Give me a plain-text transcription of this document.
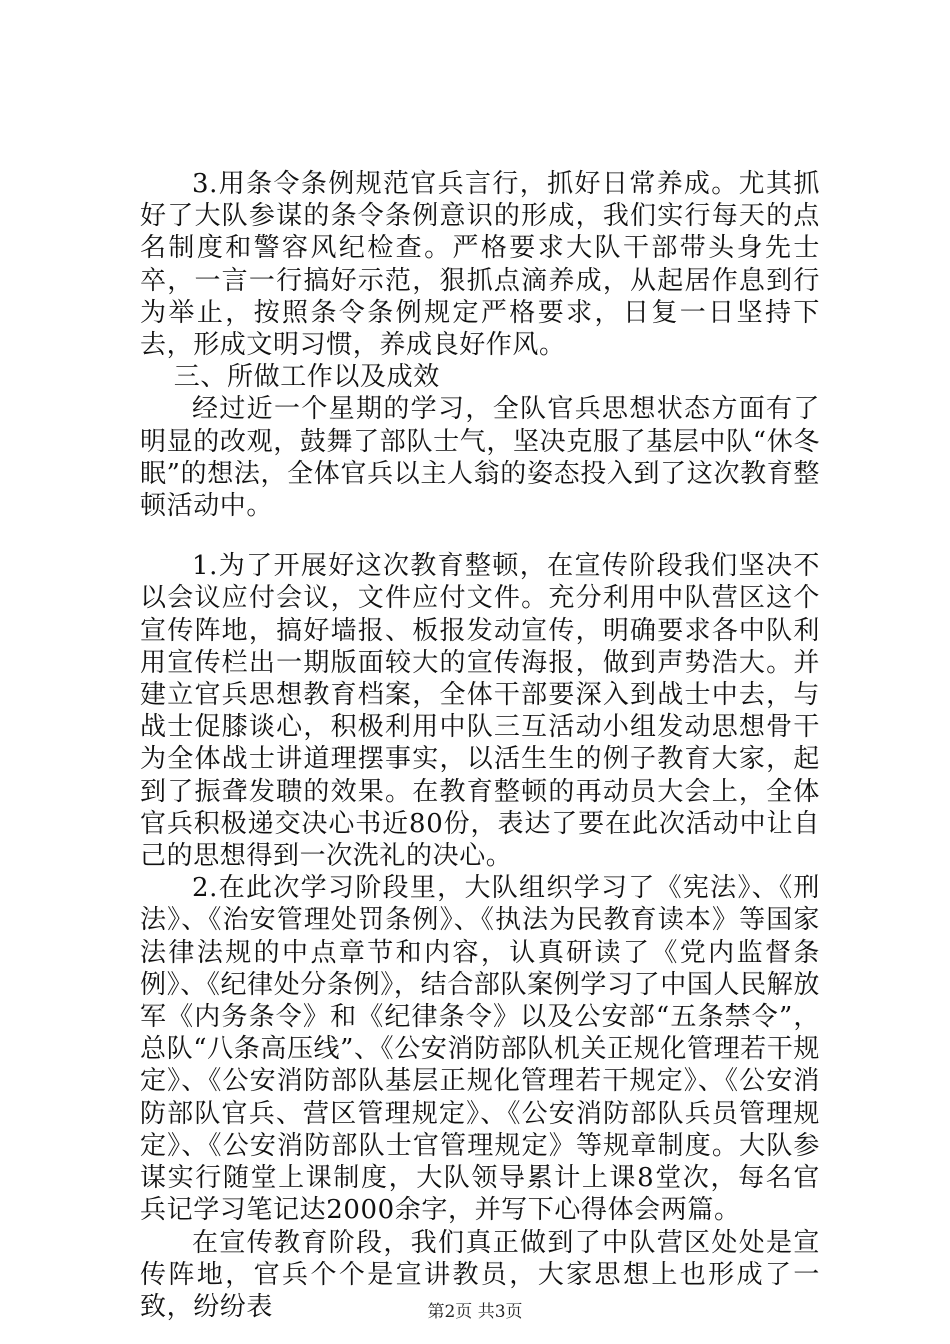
3.用条令条例规范官兵言行，抓好日常养成。尤其抓好了大队参谋的条令条例意识的形成，我们实行每天的点名制度和警容风纪检查。严格要求大队干部带头身先士卒，一言一行搞好示范，狠抓点滴养成，从起居作息到行为举止，按照条令条例规定严格要求，日复一日坚持下去，形成文明习惯，养成良好作风。

三、所做工作以及成效

经过近一个星期的学习，全队官兵思想状态方面有了明显的改观，鼓舞了部队士气，坚决克服了基层中队“休冬眠”的想法，全体官兵以主人翁的姿态投入到了这次教育整顿活动中。

1.为了开展好这次教育整顿，在宣传阶段我们坚决不以会议应付会议，文件应付文件。充分利用中队营区这个宣传阵地，搞好墙报、板报发动宣传，明确要求各中队利用宣传栏出一期版面较大的宣传海报，做到声势浩大。并建立官兵思想教育档案，全体干部要深入到战士中去，与战士促膝谈心，积极利用中队三互活动小组发动思想骨干为全体战士讲道理摆事实，以活生生的例子教育大家，起到了振聋发聩的效果。在教育整顿的再动员大会上，全体官兵积极递交决心书近80份，表达了要在此次活动中让自己的思想得到一次洗礼的决心。

2.在此次学习阶段里，大队组织学习了《宪法》、《刑法》、《治安管理处罚条例》、《执法为民教育读本》等国家法律法规的中点章节和内容，认真研读了《党内监督条例》、《纪律处分条例》，结合部队案例学习了中国人民解放军《内务条令》和《纪律条令》以及公安部“五条禁令”，总队“八条高压线”、《公安消防部队机关正规化管理若干规定》、《公安消防部队基层正规化管理若干规定》、《公安消防部队官兵、营区管理规定》、《公安消防部队兵员管理规定》、《公安消防部队士官管理规定》等规章制度。大队参谋实行随堂上课制度，大队领导累计上课8堂次，每名官兵记学习笔记达2000余字，并写下心得体会两篇。

在宣传教育阶段，我们真正做到了中队营区处处是宣传阵地，官兵个个是宣讲教员，大家思想上也形成了一致，纷纷表	第2页 共3页
